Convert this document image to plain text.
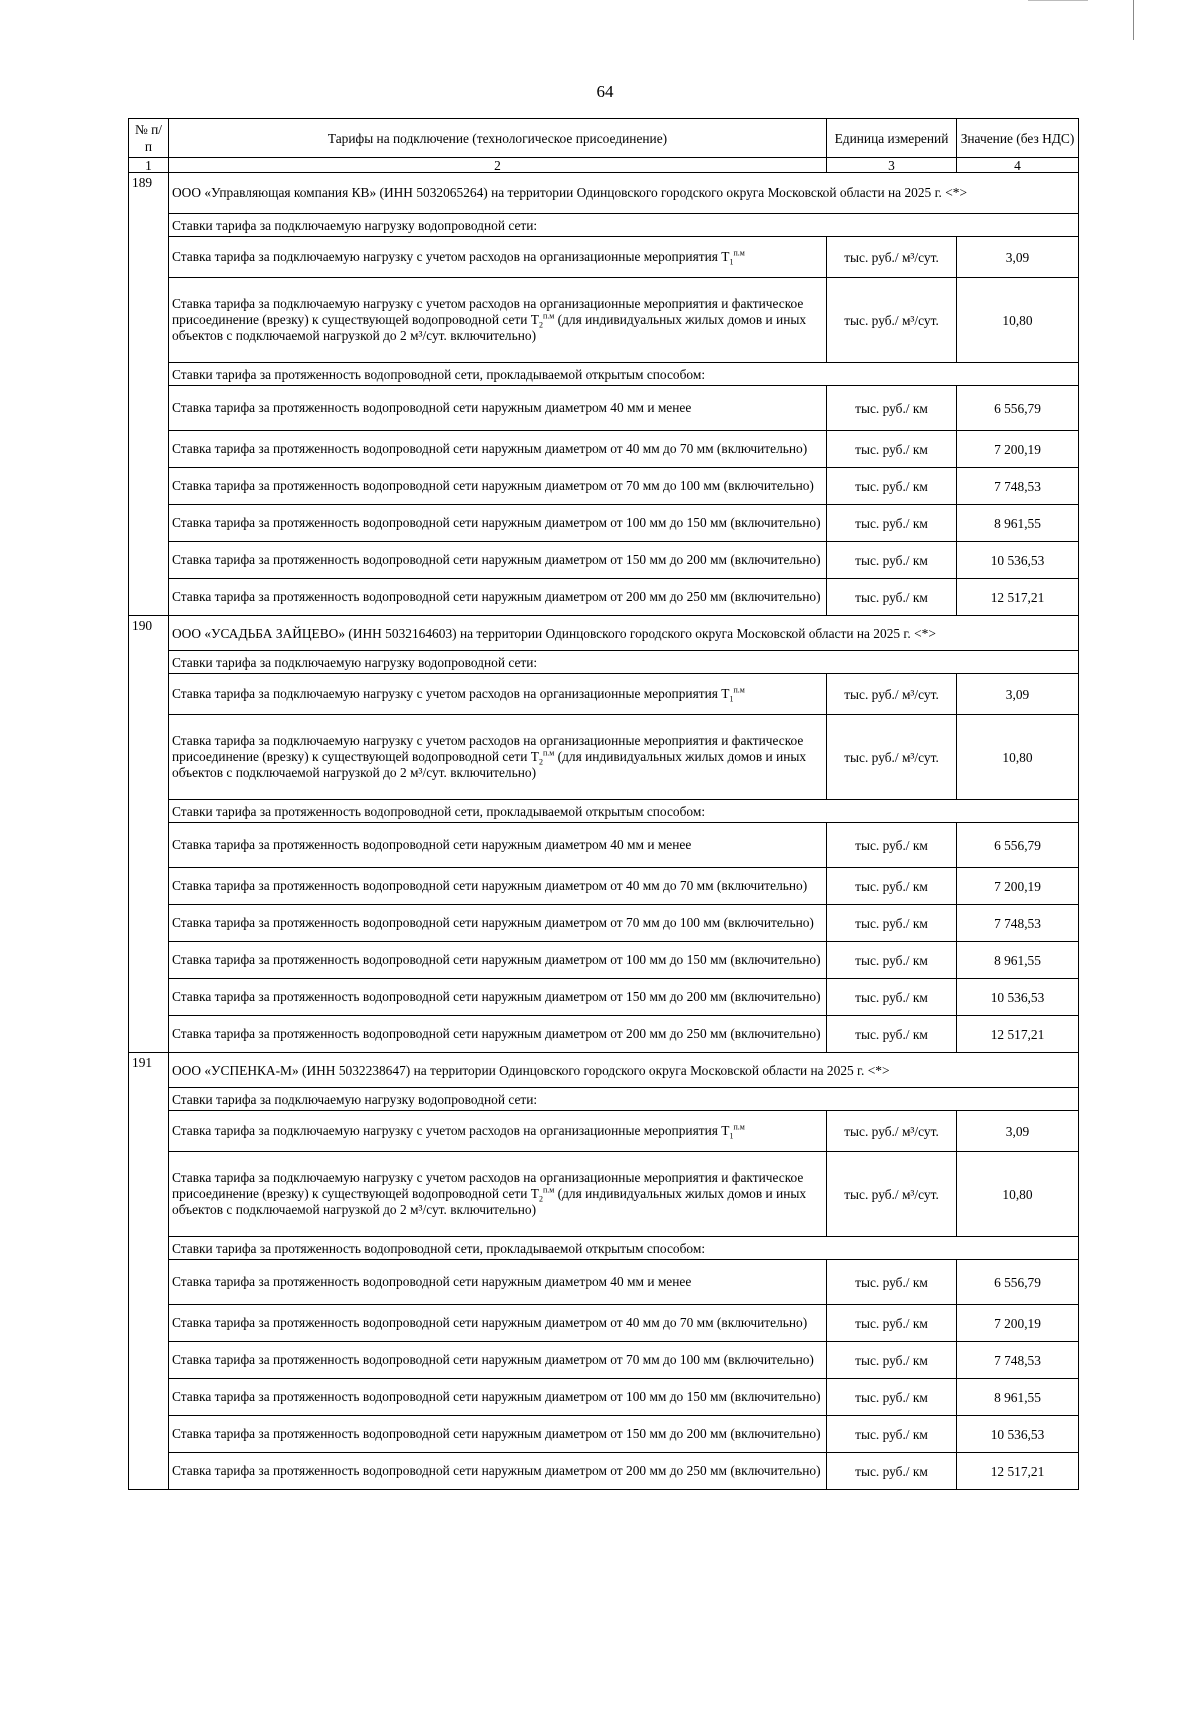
64
№ п/п	Тарифы на подключение (технологическое присоединение)	Единица измерений	Значение (без НДС)
1	2	3	4
189	ООО «Управляющая компания КВ» (ИНН 5032065264) на территории Одинцовского городского округа Московской области на 2025 г. <*>		
	Ставки тарифа за подключаемую нагрузку водопроводной сети:		
	Ставка тарифа за подключаемую нагрузку с учетом расходов на организационные мероприятия $T_1^{п.м}$	тыс. руб./ м³/сут.	3,09
	Ставка тарифа за подключаемую нагрузку с учетом расходов на организационные мероприятия и фактическое присоединение (врезку) к существующей водопроводной сети $T_2^{п.м}$ (для индивидуальных жилых домов и иных объектов с подключаемой нагрузкой до 2 м³/сут. включительно)	тыс. руб./ м³/сут.	10,80
	Ставки тарифа за протяженность водопроводной сети, прокладываемой открытым способом:		
	Ставка тарифа за протяженность водопроводной сети наружным диаметром 40 мм и менее	тыс. руб./ км	6 556,79
	Ставка тарифа за протяженность водопроводной сети наружным диаметром от 40 мм до 70 мм (включительно)	тыс. руб./ км	7 200,19
	Ставка тарифа за протяженность водопроводной сети наружным диаметром от 70 мм до 100 мм (включительно)	тыс. руб./ км	7 748,53
	Ставка тарифа за протяженность водопроводной сети наружным диаметром от 100 мм до 150 мм (включительно)	тыс. руб./ км	8 961,55
	Ставка тарифа за протяженность водопроводной сети наружным диаметром от 150 мм до 200 мм (включительно)	тыс. руб./ км	10 536,53
	Ставка тарифа за протяженность водопроводной сети наружным диаметром от 200 мм до 250 мм (включительно)	тыс. руб./ км	12 517,21
190	ООО «УСАДЬБА ЗАЙЦЕВО» (ИНН 5032164603) на территории Одинцовского городского округа Московской области на 2025 г. <*>		
	Ставки тарифа за подключаемую нагрузку водопроводной сети:		
	Ставка тарифа за подключаемую нагрузку с учетом расходов на организационные мероприятия $T_1^{п.м}$	тыс. руб./ м³/сут.	3,09
	Ставка тарифа за подключаемую нагрузку с учетом расходов на организационные мероприятия и фактическое присоединение (врезку) к существующей водопроводной сети $T_2^{п.м}$ (для индивидуальных жилых домов и иных объектов с подключаемой нагрузкой до 2 м³/сут. включительно)	тыс. руб./ м³/сут.	10,80
	Ставки тарифа за протяженность водопроводной сети, прокладываемой открытым способом:		
	Ставка тарифа за протяженность водопроводной сети наружным диаметром 40 мм и менее	тыс. руб./ км	6 556,79
	Ставка тарифа за протяженность водопроводной сети наружным диаметром от 40 мм до 70 мм (включительно)	тыс. руб./ км	7 200,19
	Ставка тарифа за протяженность водопроводной сети наружным диаметром от 70 мм до 100 мм (включительно)	тыс. руб./ км	7 748,53
	Ставка тарифа за протяженность водопроводной сети наружным диаметром от 100 мм до 150 мм (включительно)	тыс. руб./ км	8 961,55
	Ставка тарифа за протяженность водопроводной сети наружным диаметром от 150 мм до 200 мм (включительно)	тыс. руб./ км	10 536,53
	Ставка тарифа за протяженность водопроводной сети наружным диаметром от 200 мм до 250 мм (включительно)	тыс. руб./ км	12 517,21
191	ООО «УСПЕНКА-М» (ИНН 5032238647) на территории Одинцовского городского округа Московской области на 2025 г. <*>		
	Ставки тарифа за подключаемую нагрузку водопроводной сети:		
	Ставка тарифа за подключаемую нагрузку с учетом расходов на организационные мероприятия $T_1^{п.м}$	тыс. руб./ м³/сут.	3,09
	Ставка тарифа за подключаемую нагрузку с учетом расходов на организационные мероприятия и фактическое присоединение (врезку) к существующей водопроводной сети $T_2^{п.м}$ (для индивидуальных жилых домов и иных объектов с подключаемой нагрузкой до 2 м³/сут. включительно)	тыс. руб./ м³/сут.	10,80
	Ставки тарифа за протяженность водопроводной сети, прокладываемой открытым способом:		
	Ставка тарифа за протяженность водопроводной сети наружным диаметром 40 мм и менее	тыс. руб./ км	6 556,79
	Ставка тарифа за протяженность водопроводной сети наружным диаметром от 40 мм до 70 мм (включительно)	тыс. руб./ км	7 200,19
	Ставка тарифа за протяженность водопроводной сети наружным диаметром от 70 мм до 100 мм (включительно)	тыс. руб./ км	7 748,53
	Ставка тарифа за протяженность водопроводной сети наружным диаметром от 100 мм до 150 мм (включительно)	тыс. руб./ км	8 961,55
	Ставка тарифа за протяженность водопроводной сети наружным диаметром от 150 мм до 200 мм (включительно)	тыс. руб./ км	10 536,53
	Ставка тарифа за протяженность водопроводной сети наружным диаметром от 200 мм до 250 мм (включительно)	тыс. руб./ км	12 517,21
